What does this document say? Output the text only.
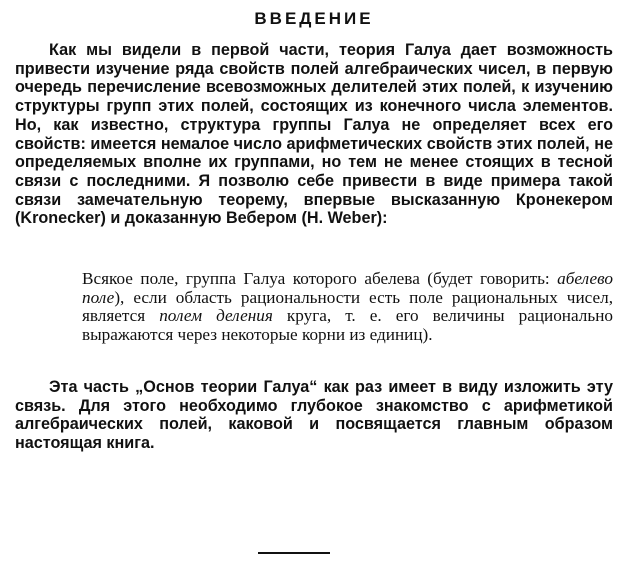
ВВЕДЕНИЕ
Как мы видели в первой части, теория Галуа дает возможность привести изучение ряда свойств полей алгебраических чисел, в первую очередь перечисление всевозможных делителей этих полей, к изучению структуры групп этих полей, состоящих из конечного числа элементов. Но, как известно, структура группы Галуа не определяет всех его свойств: имеется немалое число арифметических свойств этих полей, не определяемых вполне их группами, но тем не менее стоящих в тесной связи с последними. Я позволю себе привести в виде примера такой связи замечательную теорему, впервые высказанную Кронекером (Kronecker) и доказанную Вебером (H. Weber):
Всякое поле, группа Галуа которого абелева (будет говорить: абелево поле), если область рациональности есть поле рациональных чисел, является полем деления круга, т. е. его величины рационально выражаются через некоторые корни из единиц).
Эта часть „Основ теории Галуа“ как раз имеет в виду изложить эту связь. Для этого необходимо глубокое знакомство с арифметикой алгебраических полей, каковой и посвящается главным образом настоящая книга.
